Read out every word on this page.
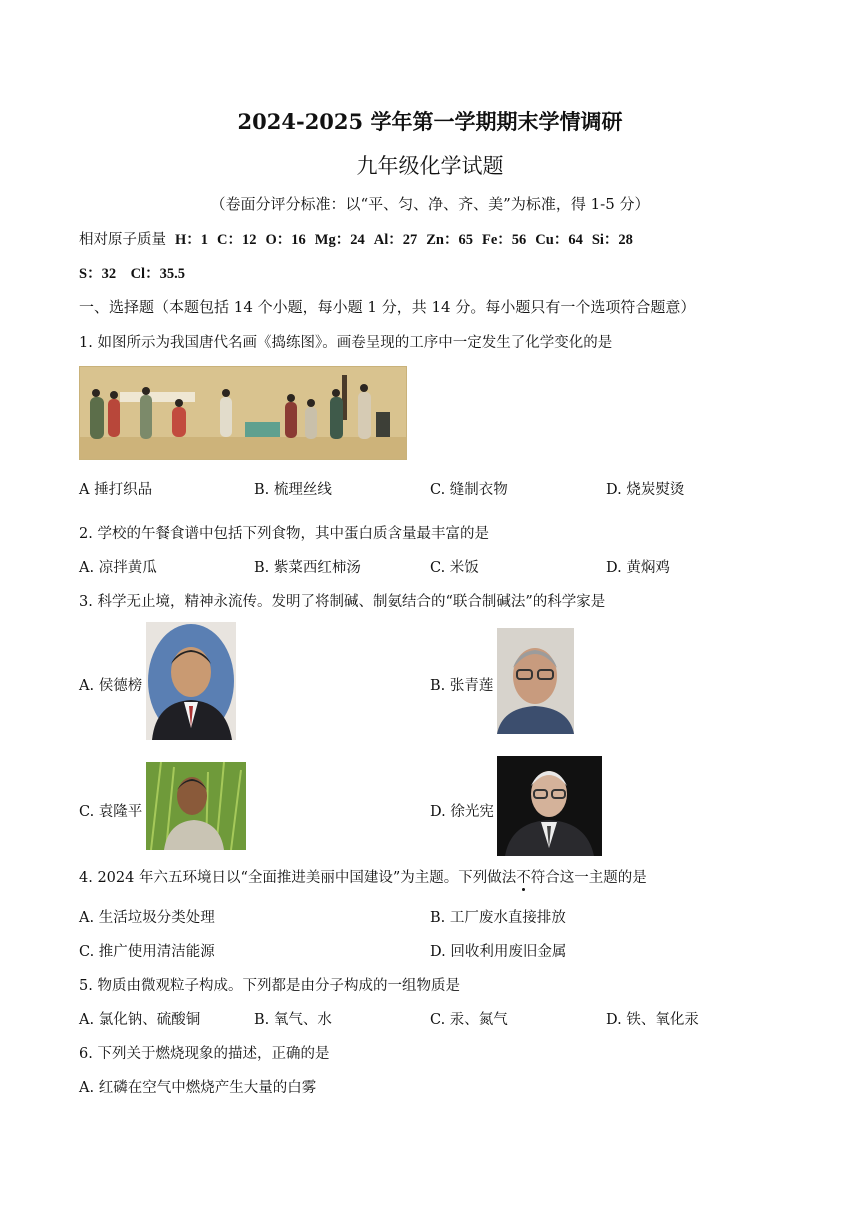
2024-2025 学年第一学期期末学情调研
九年级化学试题
（卷面分评分标准：以“平、匀、净、齐、美”为标准，得 1-5 分）
相对原子质量 H：1 C：12 O：16 Mg：24 Al：27 Zn：65 Fe：56 Cu：64 Si：28
S：32　Cl：35.5
一、选择题（本题包括 14 个小题，每小题 1 分，共 14 分。每小题只有一个选项符合题意）
1. 如图所示为我国唐代名画《捣练图》。画卷呈现的工序中一定发生了化学变化的是
A 捶打织品	B. 梳理丝线	C. 缝制衣物	D. 烧炭熨烫
2. 学校的午餐食谱中包括下列食物，其中蛋白质含量最丰富的是
A. 凉拌黄瓜	B. 紫菜西红柿汤	C. 米饭	D. 黄焖鸡
3. 科学无止境，精神永流传。发明了将制碱、制氨结合的“联合制碱法”的科学家是
A. 侯德榜	B. 张青莲
C. 袁隆平	D. 徐光宪
4. 2024 年六五环境日以“全面推进美丽中国建设”为主题。下列做法不符合这一主题的是
A. 生活垃圾分类处理	B. 工厂废水直接排放
C. 推广使用清洁能源	D. 回收利用废旧金属
5. 物质由微观粒子构成。下列都是由分子构成的一组物质是
A. 氯化钠、硫酸铜	B. 氧气、水	C. 汞、氮气	D. 铁、氧化汞
6. 下列关于燃烧现象的描述，正确的是
A. 红磷在空气中燃烧产生大量的白雾
